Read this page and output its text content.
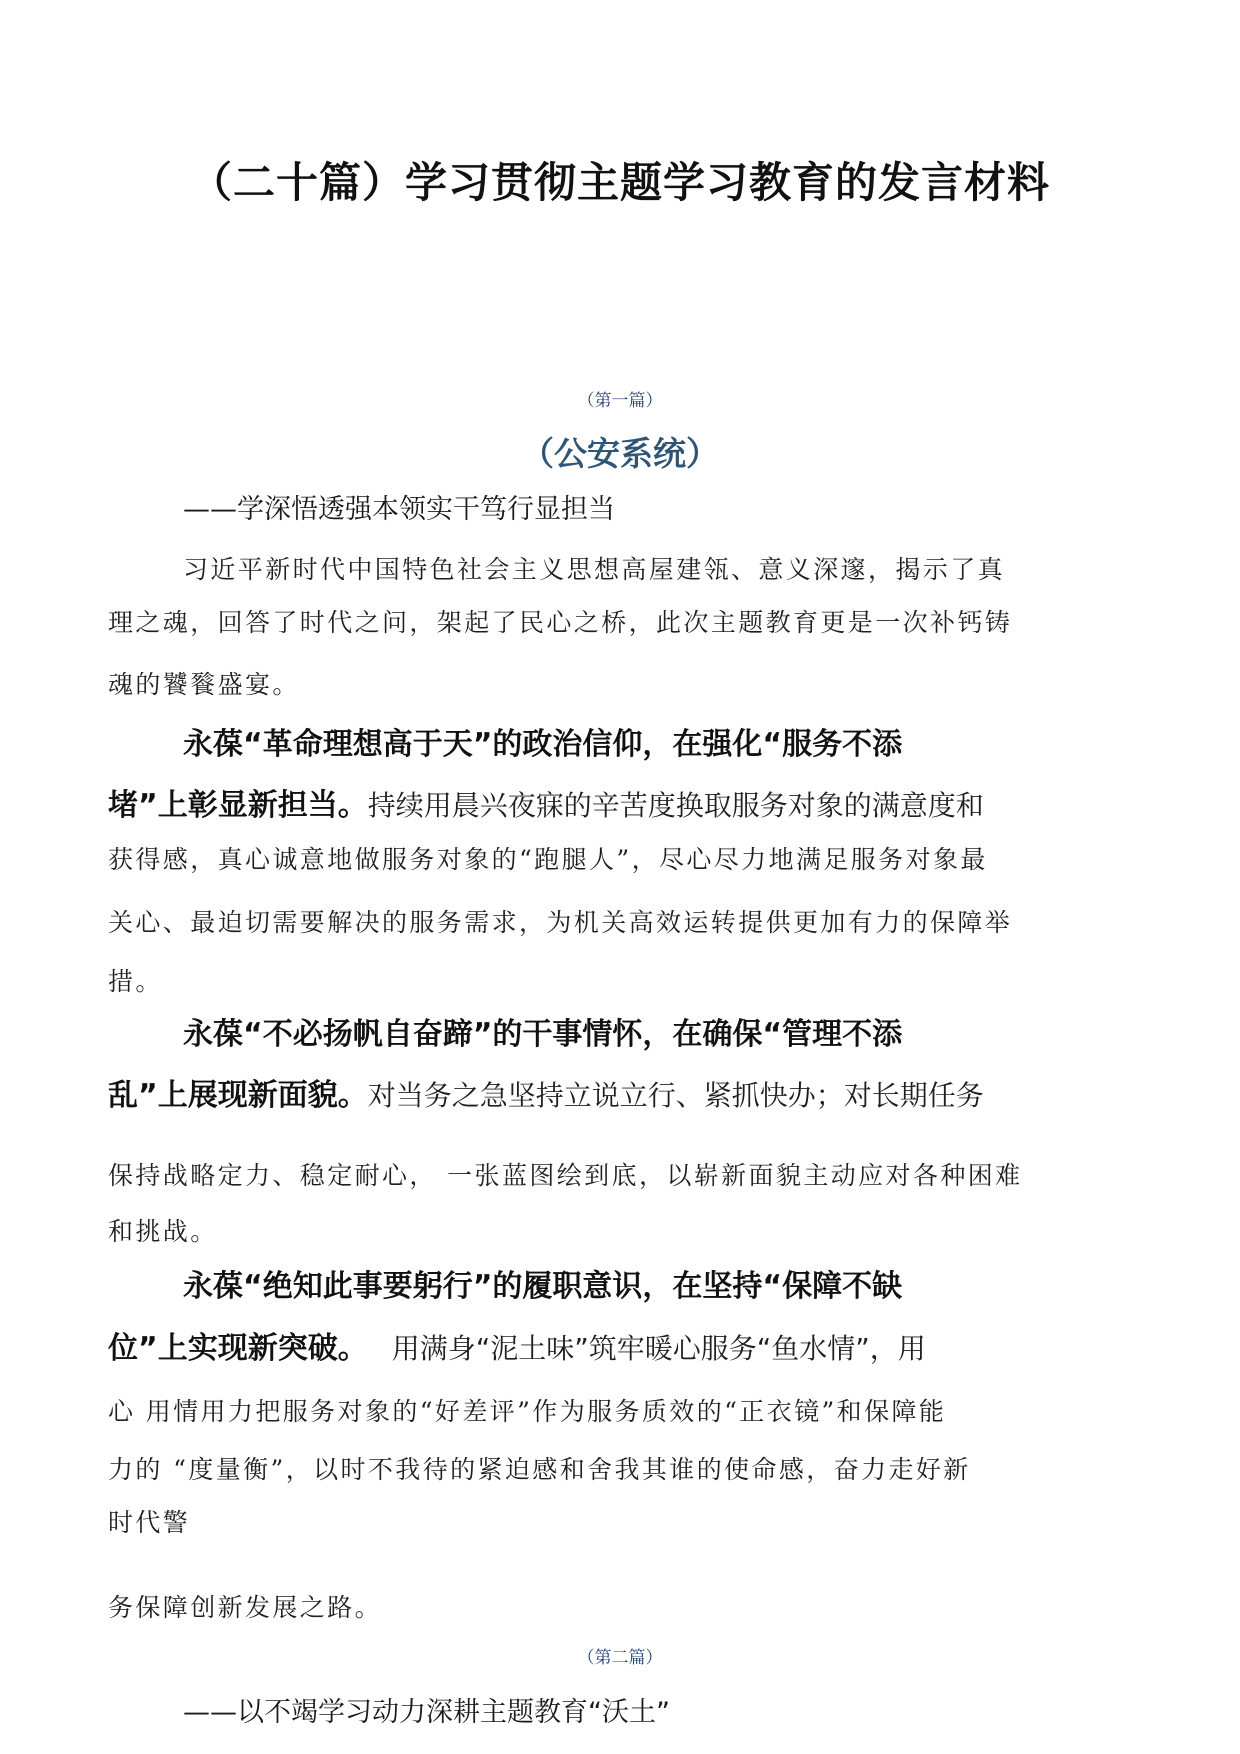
（二十篇）学习贯彻主题学习教育的发言材料
（第一篇）
（公安系统）
——学深悟透强本领实干笃行显担当
习近平新时代中国特色社会主义思想高屋建瓴、意义深邃，揭示了真
理之魂，回答了时代之问，架起了民心之桥，此次主题教育更是一次补钙铸
魂的饕餮盛宴。
永葆“革命理想高于天”的政治信仰，在强化“服务不添
堵”上彰显新担当。持续用晨兴夜寐的辛苦度换取服务对象的满意度和
获得感，真心诚意地做服务对象的“跑腿人”，尽心尽力地满足服务对象最
关心、最迫切需要解决的服务需求，为机关高效运转提供更加有力的保障举
措。
永葆“不必扬帆自奋蹄”的干事情怀，在确保“管理不添
乱”上展现新面貌。对当务之急坚持立说立行、紧抓快办；对长期任务
保持战略定力、稳定耐心， 一张蓝图绘到底，以崭新面貌主动应对各种困难
和挑战。
永葆“绝知此事要躬行”的履职意识，在坚持“保障不缺
位”上实现新突破。 用满身“泥土味”筑牢暖心服务“鱼水情”，用
心 用情用力把服务对象的“好差评”作为服务质效的“正衣镜”和保障能
力的 “度量衡”，以时不我待的紧迫感和舍我其谁的使命感，奋力走好新
时代警
务保障创新发展之路。
（第二篇）
——以不竭学习动力深耕主题教育“沃土”
